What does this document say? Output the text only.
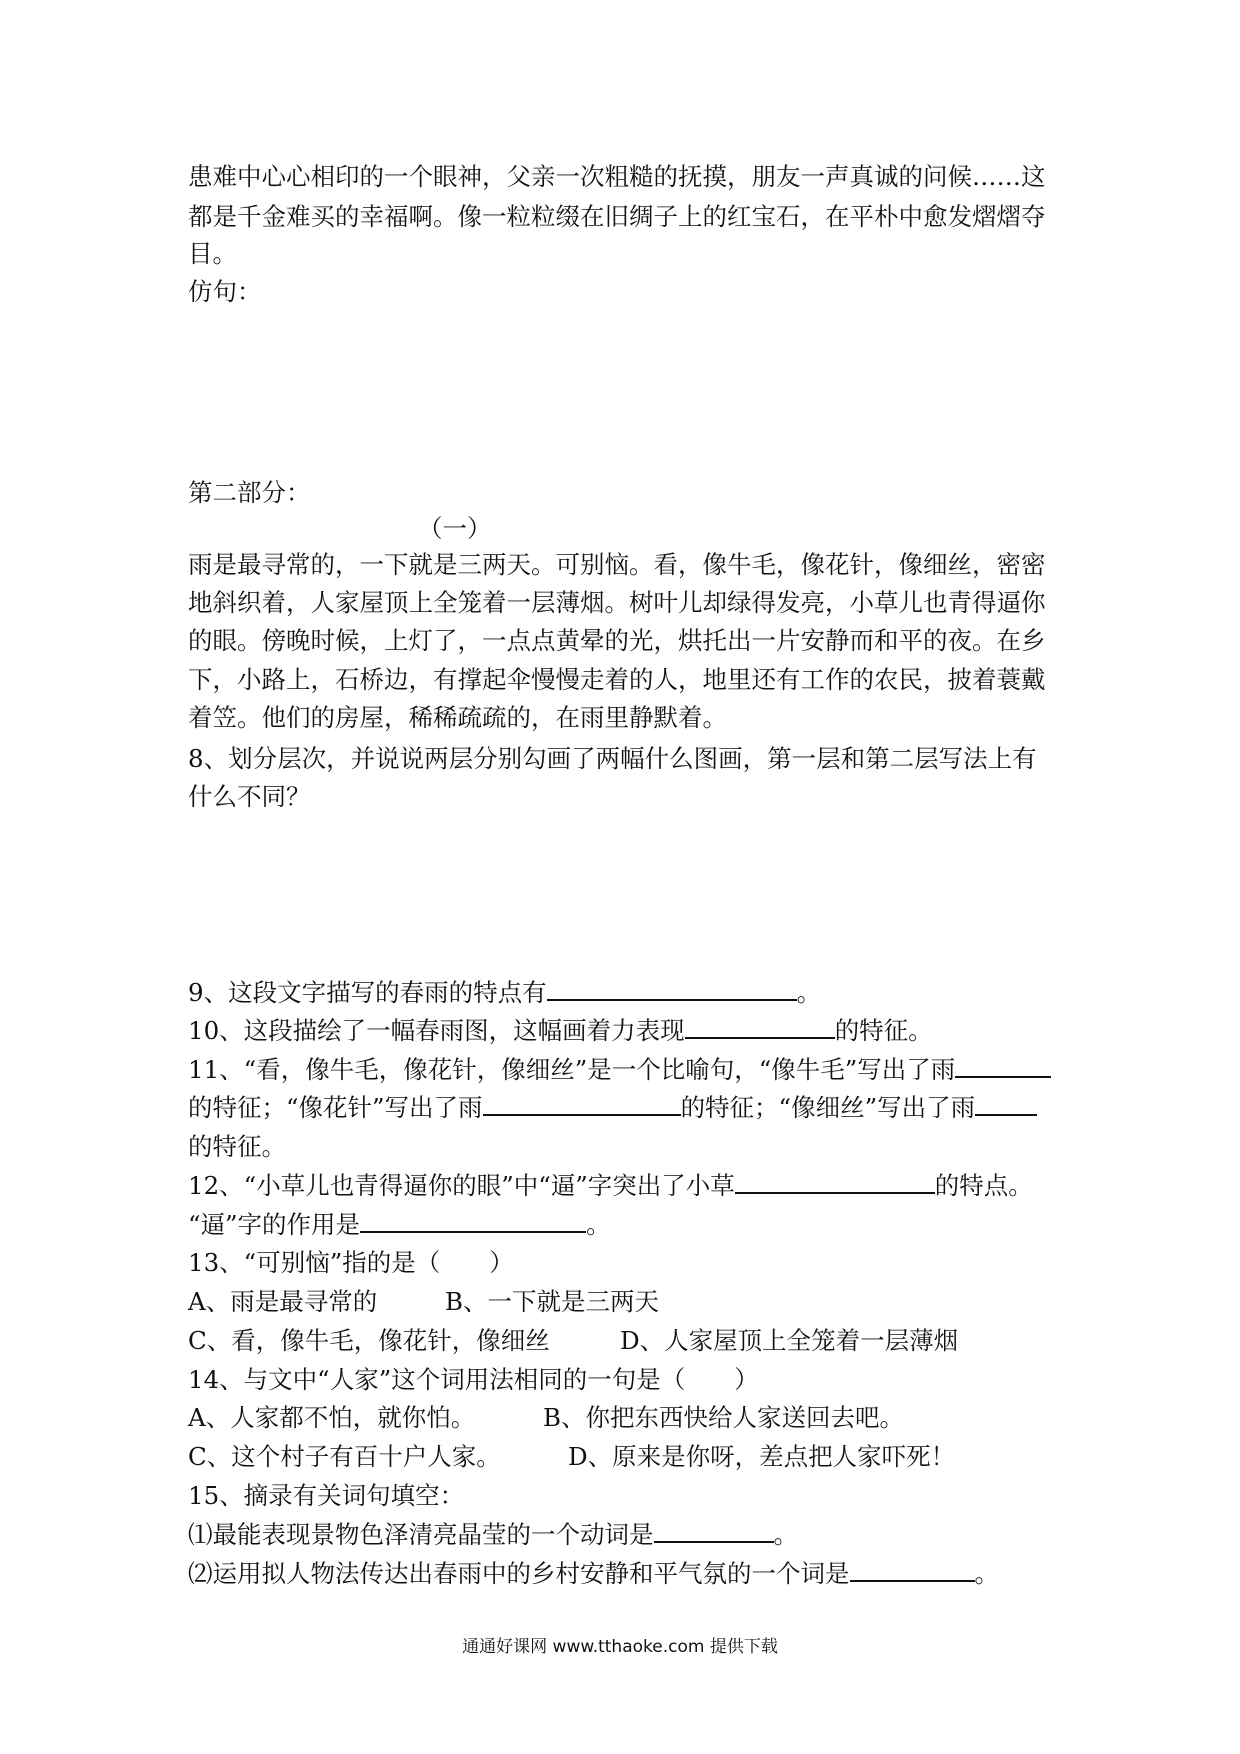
患难中心心相印的一个眼神，父亲一次粗糙的抚摸，朋友一声真诚的问候……这
都是千金难买的幸福啊。像一粒粒缀在旧绸子上的红宝石，在平朴中愈发熠熠夺
目。
仿句：
第二部分：
（一）
雨是最寻常的，一下就是三两天。可别恼。看，像牛毛，像花针，像细丝，密密
地斜织着，人家屋顶上全笼着一层薄烟。树叶儿却绿得发亮，小草儿也青得逼你
的眼。傍晚时候，上灯了，一点点黄晕的光，烘托出一片安静而和平的夜。在乡
下，小路上，石桥边，有撑起伞慢慢走着的人，地里还有工作的农民，披着蓑戴
着笠。他们的房屋，稀稀疏疏的，在雨里静默着。
8、划分层次，并说说两层分别勾画了两幅什么图画，第一层和第二层写法上有
什么不同？
9、这段文字描写的春雨的特点有	。
10、这段描绘了一幅春雨图，这幅画着力表现	的特征。
11、“看，像牛毛，像花针，像细丝”是一个比喻句，“像牛毛”写出了雨
的特征；“像花针”写出了雨	的特征；“像细丝”写出了雨
的特征。
12、“小草儿也青得逼你的眼”中“逼”字突出了小草	的特点。
“逼”字的作用是	。
13、“可别恼”指的是（　　）
A、雨是最寻常的	B、一下就是三两天
C、看，像牛毛，像花针，像细丝	D、人家屋顶上全笼着一层薄烟
14、与文中“人家”这个词用法相同的一句是（　　）
A、人家都不怕，就你怕。	B、你把东西快给人家送回去吧。
C、这个村子有百十户人家。	D、原来是你呀，差点把人家吓死！
15、摘录有关词句填空：
⑴最能表现景物色泽清亮晶莹的一个动词是	。
⑵运用拟人物法传达出春雨中的乡村安静和平气氛的一个词是	。
通通好课网 www.tthaoke.com 提供下载
